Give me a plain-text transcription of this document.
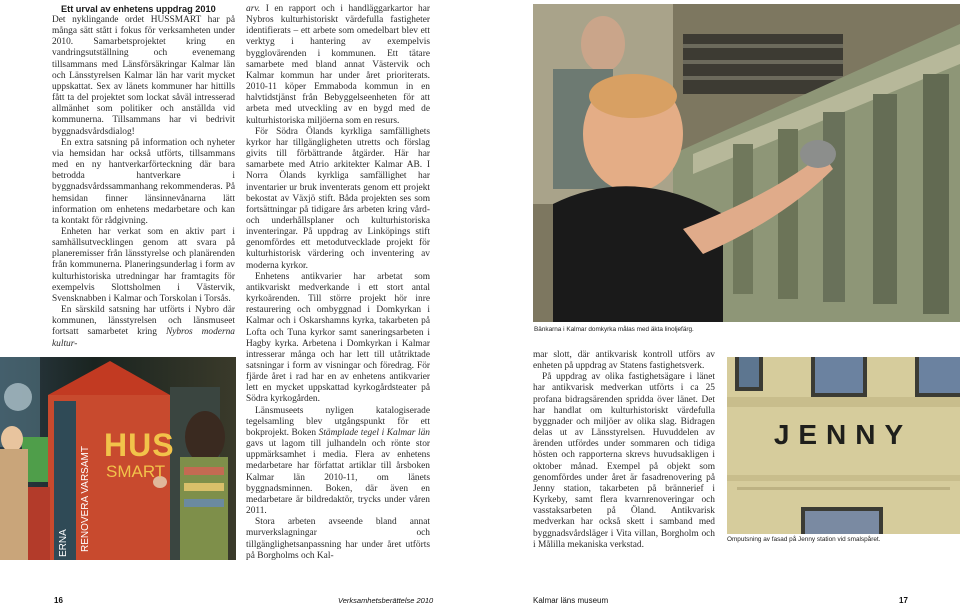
Ett urval av enhetens uppdrag 2010

Det nyklingande ordet HUSSMART har på många sätt stått i fokus för verksamheten under 2010. Samarbetsprojektet kring en vandringsutställning och evenemang tillsammans med Länsförsäkringar Kalmar län och Länsstyrelsen Kalmar län har varit mycket uppskattat. Sex av länets kommuner har hittills fått ta del projektet som lockat såväl intresserad allmänhet som politiker och anställda vid kommunerna. Tillsammans har vi bedrivit byggnadsvårdsdialog!

En extra satsning på information och nyheter via hemsidan har också utförts, tillsammans med en ny hantverkarförteckning där bara betrodda hantverkare i byggnadsvårdssammanhang rekommenderas. På hemsidan finner länsinnevånarna lätt information om enhetens medarbetare och kan ta kontakt för rådgivning.

Enheten har verkat som en aktiv part i samhällsutvecklingen genom att svara på planeremisser från länsstyrelse och planärenden från kommunerna. Planeringsunderlag i form av kulturhistoriska utredningar har framtagits för exempelvis Slottsholmen i Västervik, Svensknabben i Kalmar och Torskolan i Torsås.

En särskild satsning har utförts i Nybro där kommunen, länsstyrelsen och länsmuseet fortsatt samarbetet kring Nybros moderna kultur-

arv. I en rapport och i handläggarkartor har Nybros kulturhistoriskt värdefulla fastigheter identifierats – ett arbete som omedelbart blev ett verktyg i hantering av exempelvis bygglovärenden i kommunen. Ett tätare samarbete med bland annat Västervik och Kalmar kommun har under året prioriterats. 2010-11 köper Emmaboda kommun in en halvtidstjänst från Bebyggelseenheten för att arbeta med utveckling av en bygd med de kulturhistoriska miljöerna som en resurs.

För Södra Ölands kyrkliga samfällighets kyrkor har tillgängligheten utretts och förslag givits till förbättrande åtgärder. Här har samarbete med Atrio arkitekter Kalmar AB. I Norra Ölands kyrkliga samfällighet har inventarier ur bruk inventerats genom ett projekt bekostat av Växjö stift. Båda projekten ses som fortsättningar på tidigare års arbeten kring vård- och underhållsplaner och kulturhistoriska inventeringar. På uppdrag av Linköpings stift genomfördes ett metodutvecklade projekt för kulturhistorisk värdering och inventering av moderna kyrkor.

Enhetens antikvarier har arbetat som antikvariskt medverkande i ett stort antal kyrkoärenden. Till större projekt hör inre restaurering och ombyggnad i Domkyrkan i Kalmar och i Oskarshamns kyrka, takarbeten på Lofta och Tuna kyrkor samt saneringsarbeten i Hagby kyrka. Arbetena i Domkyrkan i Kalmar intresserar många och har lett till utåtriktade satsningar i form av visningar och föredrag. För fjärde året i rad har en av enhetens antikvarier lett en mycket uppskattad kyrkogårdsteater på Södra kyrkogården.

Länsmuseets nyligen katalogiserade tegelsamling blev utgångspunkt för ett bokprojekt. Boken Stämplade tegel i Kalmar län gavs ut lagom till julhandeln och rönte stor uppmärksamhet i media. Flera av enhetens medarbetare har författat artiklar till årsboken Kalmar län 2010-11, om länets byggnadsminnen. Boken, där även en medarbetare är bildredaktör, trycks under våren 2011.

Stora arbeten avseende bland annat murverkslagningar och tillgänglighetsanpassning har under året utförts på Borgholms och Kal-

HUS
SMART
RENOVERA VARSAMT
ERNA
16	Verksamhetsberättelse 2010
Bänkarna i Kalmar domkyrka målas med äkta linoljefärg.

mar slott, där antikvarisk kontroll utförs av enheten på uppdrag av Statens fastighetsverk.

På uppdrag av olika fastighetsägare i länet har antikvarisk medverkan utförts i ca 25 profana bidragsärenden spridda över länet. Det har handlat om kulturhistoriskt värdefulla byggnader och miljöer av olika slag. Bidragen delas ut av Länsstyrelsen. Huvuddelen av ärenden utfördes under sommaren och tidiga hösten och rapporterna skrevs huvudsakligen i oktober månad. Exempel på objekt som genomfördes under året är fasadrenovering på Jenny station, takarbeten på brännerief i Kyrkeby, samt flera kvarnrenoveringar och vasstaksarbeten på Öland. Antikvarisk medverkan har också skett i samband med byggnadsvårdsläger i Vita villan, Borgholm och i Målilla mekaniska verkstad.

JENNY
Omputsning av fasad på Jenny station vid smalspåret.
Kalmar läns museum	17
